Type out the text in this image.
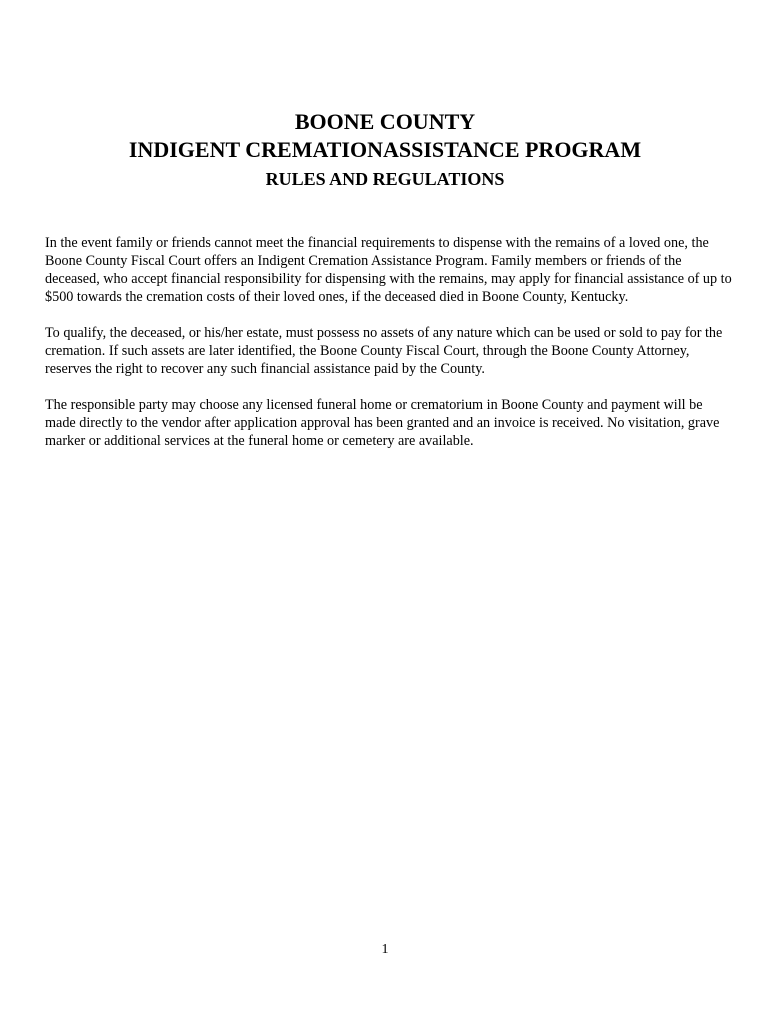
BOONE COUNTY
INDIGENT CREMATIONASSISTANCE PROGRAM
RULES AND REGULATIONS

In the event family or friends cannot meet the financial requirements to dispense with the remains of a loved one, the Boone County Fiscal Court offers an Indigent Cremation Assistance Program. Family members or friends of the deceased, who accept financial responsibility for dispensing with the remains, may apply for financial assistance of up to $500 towards the cremation costs of their loved ones, if the deceased died in Boone County, Kentucky.

To qualify, the deceased, or his/her estate, must possess no assets of any nature which can be used or sold to pay for the cremation. If such assets are later identified, the Boone County Fiscal Court, through the Boone County Attorney, reserves the right to recover any such financial assistance paid by the County.

The responsible party may choose any licensed funeral home or crematorium in Boone County and payment will be made directly to the vendor after application approval has been granted and an invoice is received. No visitation, grave marker or additional services at the funeral home or cemetery are available.

1
